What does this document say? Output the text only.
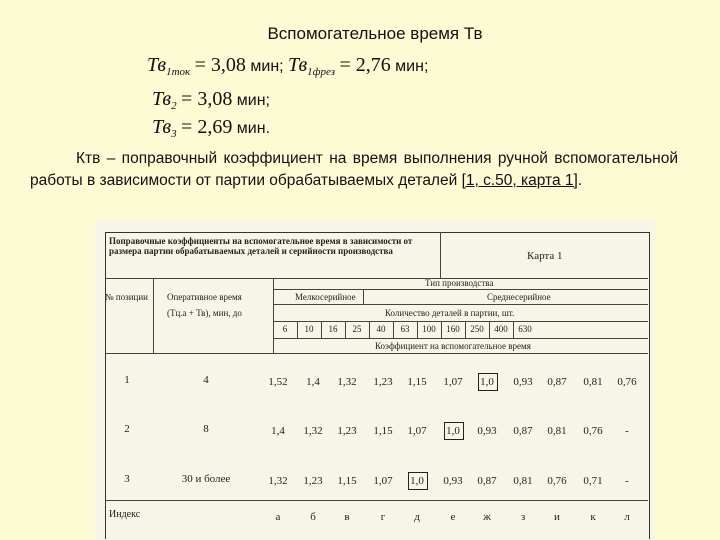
Вспомогательное время Тв
$Тв_{1ток} = 3,08$ мин; $Тв_{1фрез} = 2,76$ мин;
$Тв_2 = 3,08$ мин;
$Тв_3 = 2,69$ мин.
Ктв – поправочный коэффициент на время выполнения ручной вспомогательной работы в зависимости от партии обрабатываемых деталей [1, с.50, карта 1].
Поправочные коэффициенты на вспомогательное время в зависимости от размера партии обрабатываемых деталей и серийности производства	Карта 1
№ позиции Оперативное время
(Тц.а + Тв), мин, до
Тип производства
Мелкосерийное	Среднесерийное
Количество деталей в партии, шт.
Коэффициент на вспомогательное время
6 10 16 25 40 63 100 160 250 400 630
1	4	1,52 1,4 1,32 1,23 1,15 1,07 1,0 0,93 0,87 0,81 0,76
2	8	1,4 1,32 1,23 1,15 1,07 1,0 0,93 0,87 0,81 0,76 -
3	30 и более	1,32 1,23 1,15 1,07 1,0 0,93 0,87 0,81 0,76 0,71 -
Индекс	а	б	в	г	д	е	ж	з	и	к	л
